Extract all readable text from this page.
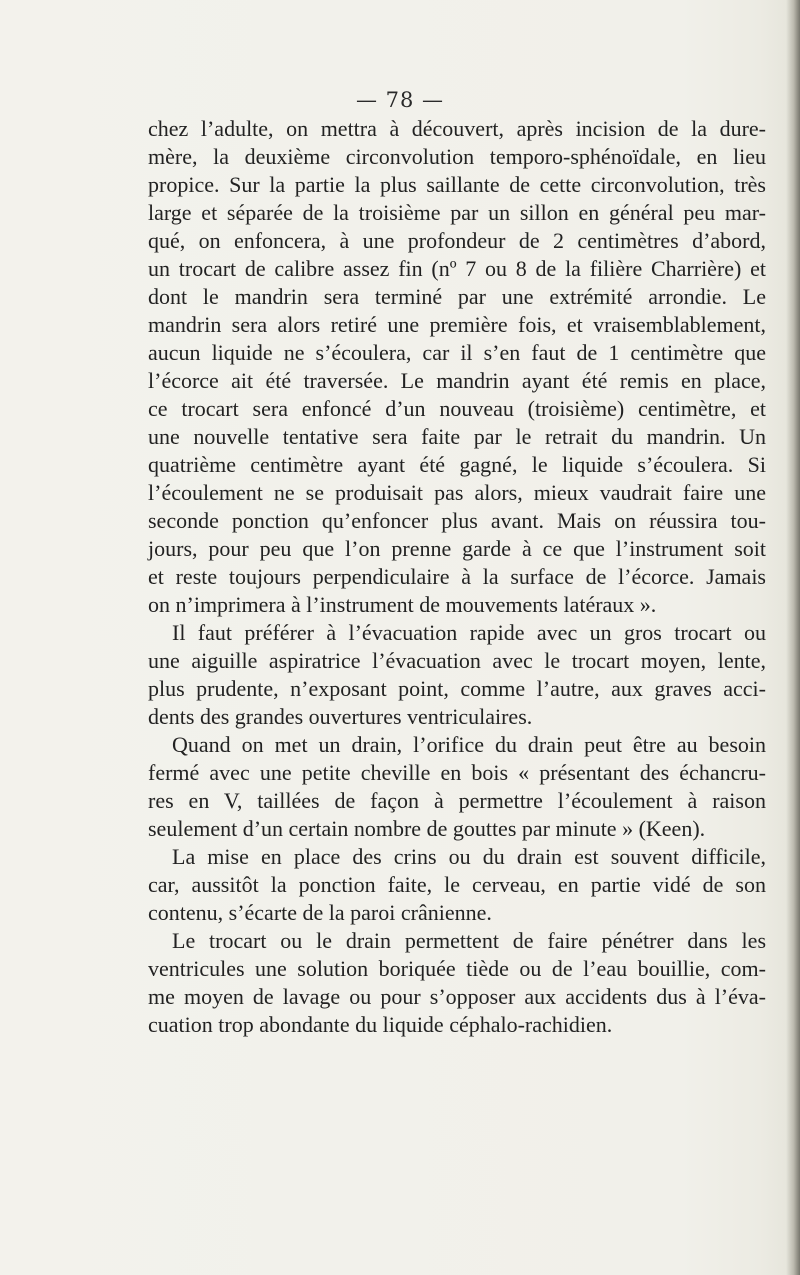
— 78 —
chez l’adulte, on mettra à découvert, après incision de la dure-
mère, la deuxième circonvolution temporo-sphénoïdale, en lieu
propice. Sur la partie la plus saillante de cette circonvolution, très
large et séparée de la troisième par un sillon en général peu mar-
qué, on enfoncera, à une profondeur de 2 centimètres d’abord,
un trocart de calibre assez fin (nº 7 ou 8 de la filière Charrière) et
dont le mandrin sera terminé par une extrémité arrondie. Le
mandrin sera alors retiré une première fois, et vraisemblablement,
aucun liquide ne s’écoulera, car il s’en faut de 1 centimètre que
l’écorce ait été traversée. Le mandrin ayant été remis en place,
ce trocart sera enfoncé d’un nouveau (troisième) centimètre, et
une nouvelle tentative sera faite par le retrait du mandrin. Un
quatrième centimètre ayant été gagné, le liquide s’écoulera. Si
l’écoulement ne se produisait pas alors, mieux vaudrait faire une
seconde ponction qu’enfoncer plus avant. Mais on réussira tou-
jours, pour peu que l’on prenne garde à ce que l’instrument soit
et reste toujours perpendiculaire à la surface de l’écorce. Jamais
on n’imprimera à l’instrument de mouvements latéraux ».
Il faut préférer à l’évacuation rapide avec un gros trocart ou
une aiguille aspiratrice l’évacuation avec le trocart moyen, lente,
plus prudente, n’exposant point, comme l’autre, aux graves acci-
dents des grandes ouvertures ventriculaires.
Quand on met un drain, l’orifice du drain peut être au besoin
fermé avec une petite cheville en bois « présentant des échancru-
res en V, taillées de façon à permettre l’écoulement à raison
seulement d’un certain nombre de gouttes par minute » (Keen).
La mise en place des crins ou du drain est souvent difficile,
car, aussitôt la ponction faite, le cerveau, en partie vidé de son
contenu, s’écarte de la paroi crânienne.
Le trocart ou le drain permettent de faire pénétrer dans les
ventricules une solution boriquée tiède ou de l’eau bouillie, com-
me moyen de lavage ou pour s’opposer aux accidents dus à l’éva-
cuation trop abondante du liquide céphalo-rachidien.
